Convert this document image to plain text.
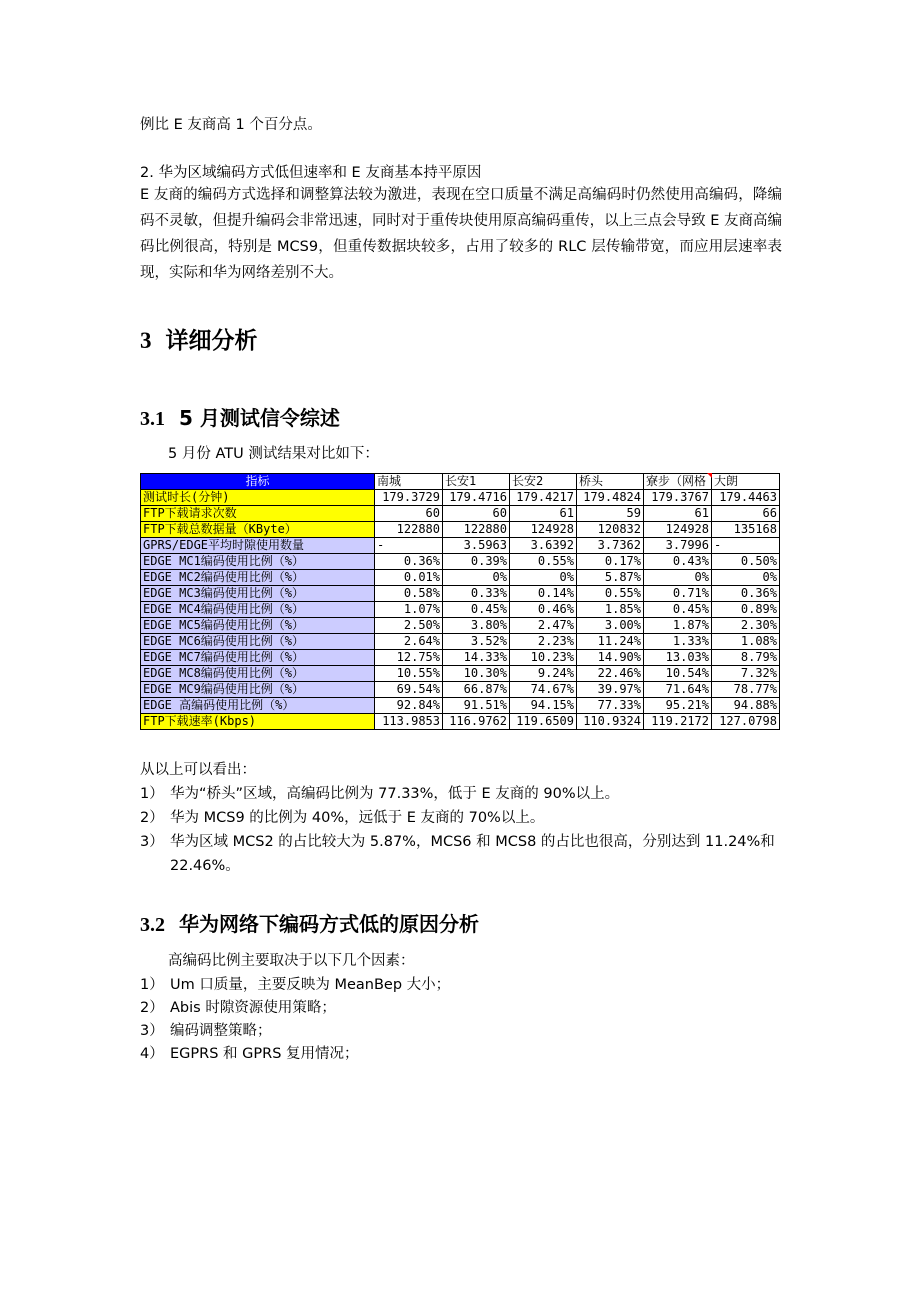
例比 E 友商高 1 个百分点。
2. 华为区域编码方式低但速率和 E 友商基本持平原因
E 友商的编码方式选择和调整算法较为激进，表现在空口质量不满足高编码时仍然使用高编码，降编码不灵敏，但提升编码会非常迅速，同时对于重传块使用原高编码重传，以上三点会导致 E 友商高编码比例很高，特别是 MCS9，但重传数据块较多，占用了较多的 RLC 层传输带宽，而应用层速率表现，实际和华为网络差别不大。
3 详细分析
3.1 5 月测试信令综述
5 月份 ATU 测试结果对比如下：
指标	南城	长安1	长安2	桥头	寮步（网格	大朗
测试时长(分钟)	179.3729	179.4716	179.4217	179.4824	179.3767	179.4463
FTP下载请求次数	60	60	61	59	61	66
FTP下载总数据量（KByte）	122880	122880	124928	120832	124928	135168
GPRS/EDGE平均时隙使用数量	-	3.5963	3.6392	3.7362	3.7996	-
EDGE MC1编码使用比例（%）	0.36%	0.39%	0.55%	0.17%	0.43%	0.50%
EDGE MC2编码使用比例（%）	0.01%	0%	0%	5.87%	0%	0%
EDGE MC3编码使用比例（%）	0.58%	0.33%	0.14%	0.55%	0.71%	0.36%
EDGE MC4编码使用比例（%）	1.07%	0.45%	0.46%	1.85%	0.45%	0.89%
EDGE MC5编码使用比例（%）	2.50%	3.80%	2.47%	3.00%	1.87%	2.30%
EDGE MC6编码使用比例（%）	2.64%	3.52%	2.23%	11.24%	1.33%	1.08%
EDGE MC7编码使用比例（%）	12.75%	14.33%	10.23%	14.90%	13.03%	8.79%
EDGE MC8编码使用比例（%）	10.55%	10.30%	9.24%	22.46%	10.54%	7.32%
EDGE MC9编码使用比例（%）	69.54%	66.87%	74.67%	39.97%	71.64%	78.77%
EDGE 高编码使用比例（%）	92.84%	91.51%	94.15%	77.33%	95.21%	94.88%
FTP下载速率(Kbps)	113.9853	116.9762	119.6509	110.9324	119.2172	127.0798
从以上可以看出：
1） 华为“桥头”区域，高编码比例为 77.33%，低于 E 友商的 90%以上。
2） 华为 MCS9 的比例为 40%，远低于 E 友商的 70%以上。
3） 华为区域 MCS2 的占比较大为 5.87%，MCS6 和 MCS8 的占比也很高，分别达到 11.24%和 22.46%。
3.2 华为网络下编码方式低的原因分析
高编码比例主要取决于以下几个因素：
1） Um 口质量，主要反映为 MeanBep 大小；
2） Abis 时隙资源使用策略；
3） 编码调整策略；
4） EGPRS 和 GPRS 复用情况；
